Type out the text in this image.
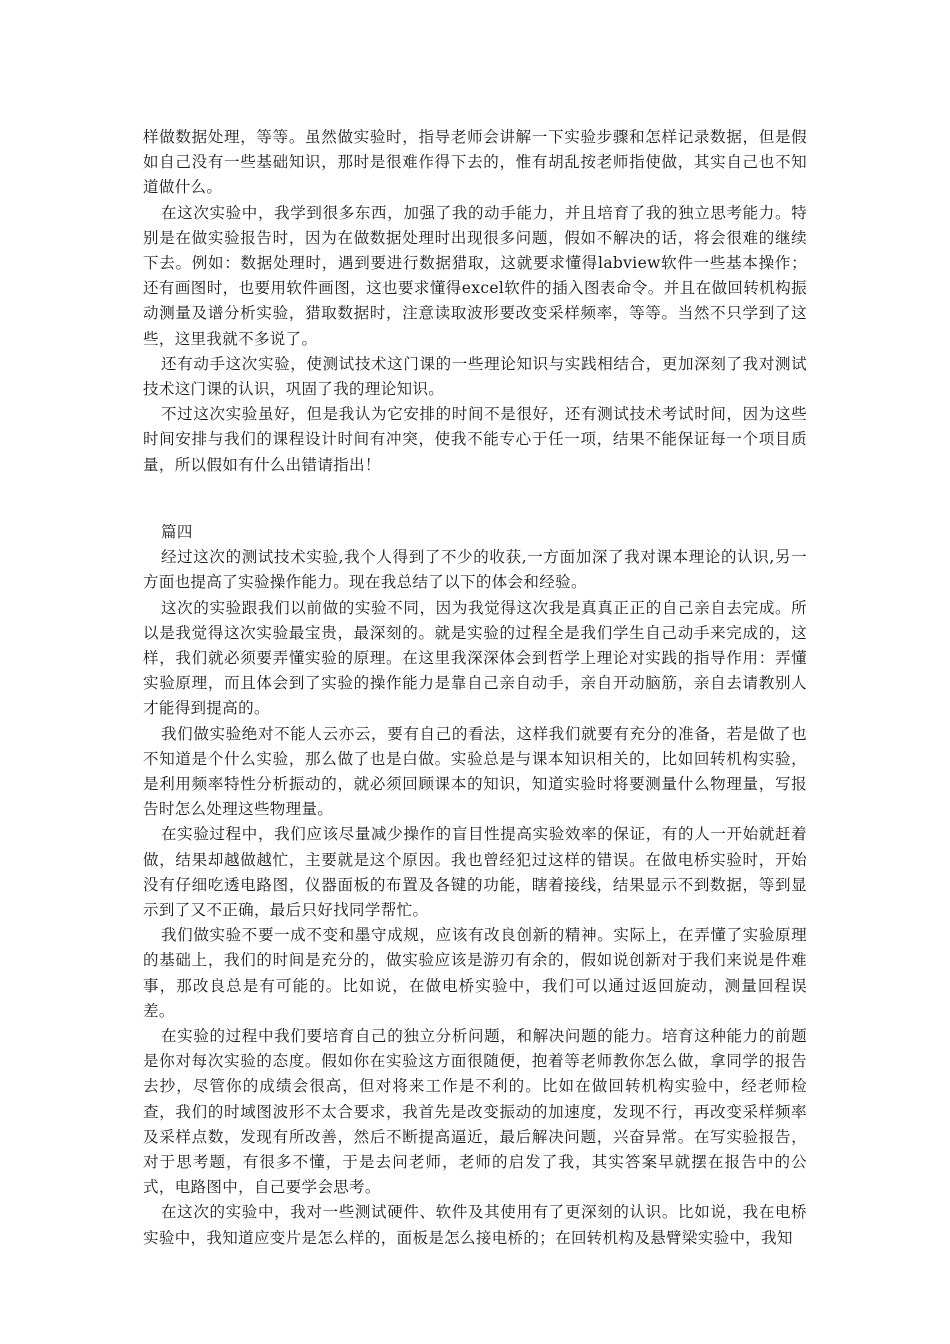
样做数据处理，等等。虽然做实验时，指导老师会讲解一下实验步骤和怎样记录数据，但是假如自己没有一些基础知识，那时是很难作得下去的，惟有胡乱按老师指使做，其实自己也不知道做什么。

在这次实验中，我学到很多东西，加强了我的动手能力，并且培育了我的独立思考能力。特别是在做实验报告时，因为在做数据处理时出现很多问题，假如不解决的话，将会很难的继续下去。例如：数据处理时，遇到要进行数据猎取，这就要求懂得labview软件一些基本操作；还有画图时，也要用软件画图，这也要求懂得excel软件的插入图表命令。并且在做回转机构振动测量及谱分析实验，猎取数据时，注意读取波形要改变采样频率，等等。当然不只学到了这些，这里我就不多说了。

还有动手这次实验，使测试技术这门课的一些理论知识与实践相结合，更加深刻了我对测试技术这门课的认识，巩固了我的理论知识。

不过这次实验虽好，但是我认为它安排的时间不是很好，还有测试技术考试时间，因为这些时间安排与我们的课程设计时间有冲突，使我不能专心于任一项，结果不能保证每一个项目质量，所以假如有什么出错请指出！

篇四

经过这次的测试技术实验,我个人得到了不少的收获,一方面加深了我对课本理论的认识,另一方面也提高了实验操作能力。现在我总结了以下的体会和经验。

这次的实验跟我们以前做的实验不同，因为我觉得这次我是真真正正的自己亲自去完成。所以是我觉得这次实验最宝贵，最深刻的。就是实验的过程全是我们学生自己动手来完成的，这样，我们就必须要弄懂实验的原理。在这里我深深体会到哲学上理论对实践的指导作用：弄懂实验原理，而且体会到了实验的操作能力是靠自己亲自动手，亲自开动脑筋，亲自去请教别人才能得到提高的。

我们做实验绝对不能人云亦云，要有自己的看法，这样我们就要有充分的准备，若是做了也不知道是个什么实验，那么做了也是白做。实验总是与课本知识相关的，比如回转机构实验，是利用频率特性分析振动的，就必须回顾课本的知识，知道实验时将要测量什么物理量，写报告时怎么处理这些物理量。

在实验过程中，我们应该尽量减少操作的盲目性提高实验效率的保证，有的人一开始就赶着做，结果却越做越忙，主要就是这个原因。我也曾经犯过这样的错误。在做电桥实验时，开始没有仔细吃透电路图，仪器面板的布置及各键的功能，瞎着接线，结果显示不到数据，等到显示到了又不正确，最后只好找同学帮忙。

我们做实验不要一成不变和墨守成规，应该有改良创新的精神。实际上，在弄懂了实验原理的基础上，我们的时间是充分的，做实验应该是游刃有余的，假如说创新对于我们来说是件难事，那改良总是有可能的。比如说，在做电桥实验中，我们可以通过返回旋动，测量回程误差。

在实验的过程中我们要培育自己的独立分析问题，和解决问题的能力。培育这种能力的前题是你对每次实验的态度。假如你在实验这方面很随便，抱着等老师教你怎么做，拿同学的报告去抄，尽管你的成绩会很高，但对将来工作是不利的。比如在做回转机构实验中，经老师检查，我们的时域图波形不太合要求，我首先是改变振动的加速度，发现不行，再改变采样频率及采样点数，发现有所改善，然后不断提高逼近，最后解决问题，兴奋异常。在写实验报告，对于思考题，有很多不懂，于是去问老师，老师的启发了我，其实答案早就摆在报告中的公式，电路图中，自己要学会思考。

在这次的实验中，我对一些测试硬件、软件及其使用有了更深刻的认识。比如说，我在电桥实验中，我知道应变片是怎么样的，面板是怎么接电桥的；在回转机构及悬臂梁实验中，我知
